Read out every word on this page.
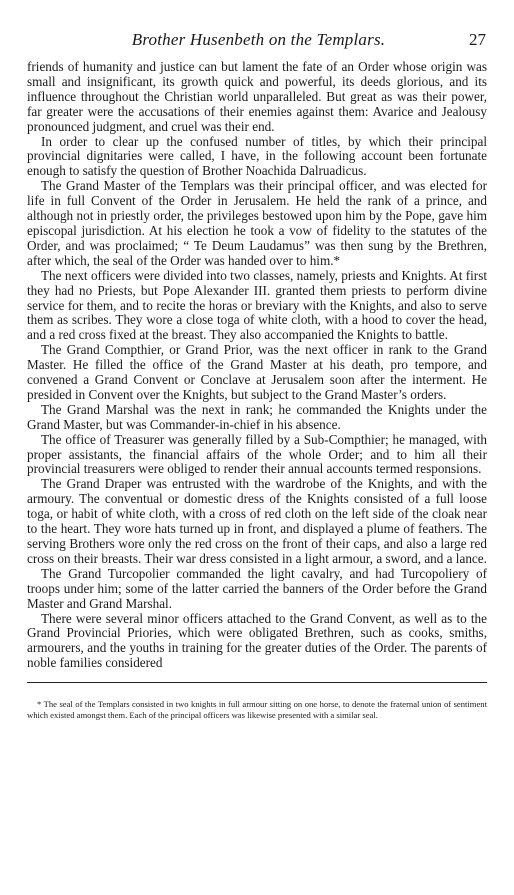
Brother Husenbeth on the Templars.	27

friends of humanity and justice can but lament the fate of an Order whose origin was small and insignificant, its growth quick and powerful, its deeds glorious, and its influence throughout the Christian world unparalleled. But great as was their power, far greater were the accusations of their enemies against them: Avarice and Jealousy pronounced judgment, and cruel was their end.

In order to clear up the confused number of titles, by which their principal provincial dignitaries were called, I have, in the following account been fortunate enough to satisfy the question of Brother Noachida Dalruadicus.

The Grand Master of the Templars was their principal officer, and was elected for life in full Convent of the Order in Jerusalem. He held the rank of a prince, and although not in priestly order, the privileges bestowed upon him by the Pope, gave him episcopal jurisdiction. At his election he took a vow of fidelity to the statutes of the Order, and was proclaimed; “ Te Deum Laudamus” was then sung by the Brethren, after which, the seal of the Order was handed over to him.*

The next officers were divided into two classes, namely, priests and Knights. At first they had no Priests, but Pope Alexander III. granted them priests to perform divine service for them, and to recite the horas or breviary with the Knights, and also to serve them as scribes. They wore a close toga of white cloth, with a hood to cover the head, and a red cross fixed at the breast. They also accompanied the Knights to battle.

The Grand Compthier, or Grand Prior, was the next officer in rank to the Grand Master. He filled the office of the Grand Master at his death, pro tempore, and convened a Grand Convent or Conclave at Jerusalem soon after the interment. He presided in Convent over the Knights, but subject to the Grand Master’s orders.

The Grand Marshal was the next in rank; he commanded the Knights under the Grand Master, but was Commander-in-chief in his absence.

The office of Treasurer was generally filled by a Sub-Compthier; he managed, with proper assistants, the financial affairs of the whole Order; and to him all their provincial treasurers were obliged to render their annual accounts termed responsions.

The Grand Draper was entrusted with the wardrobe of the Knights, and with the armoury. The conventual or domestic dress of the Knights consisted of a full loose toga, or habit of white cloth, with a cross of red cloth on the left side of the cloak near to the heart. They wore hats turned up in front, and displayed a plume of feathers. The serving Brothers wore only the red cross on the front of their caps, and also a large red cross on their breasts. Their war dress consisted in a light armour, a sword, and a lance.

The Grand Turcopolier commanded the light cavalry, and had Turcopoliery of troops under him; some of the latter carried the banners of the Order before the Grand Master and Grand Marshal.

There were several minor officers attached to the Grand Convent, as well as to the Grand Provincial Priories, which were obligated Brethren, such as cooks, smiths, armourers, and the youths in training for the greater duties of the Order. The parents of noble families considered

* The seal of the Templars consisted in two knights in full armour sitting on one horse, to denote the fraternal union of sentiment which existed amongst them. Each of the principal officers was likewise presented with a similar seal.
